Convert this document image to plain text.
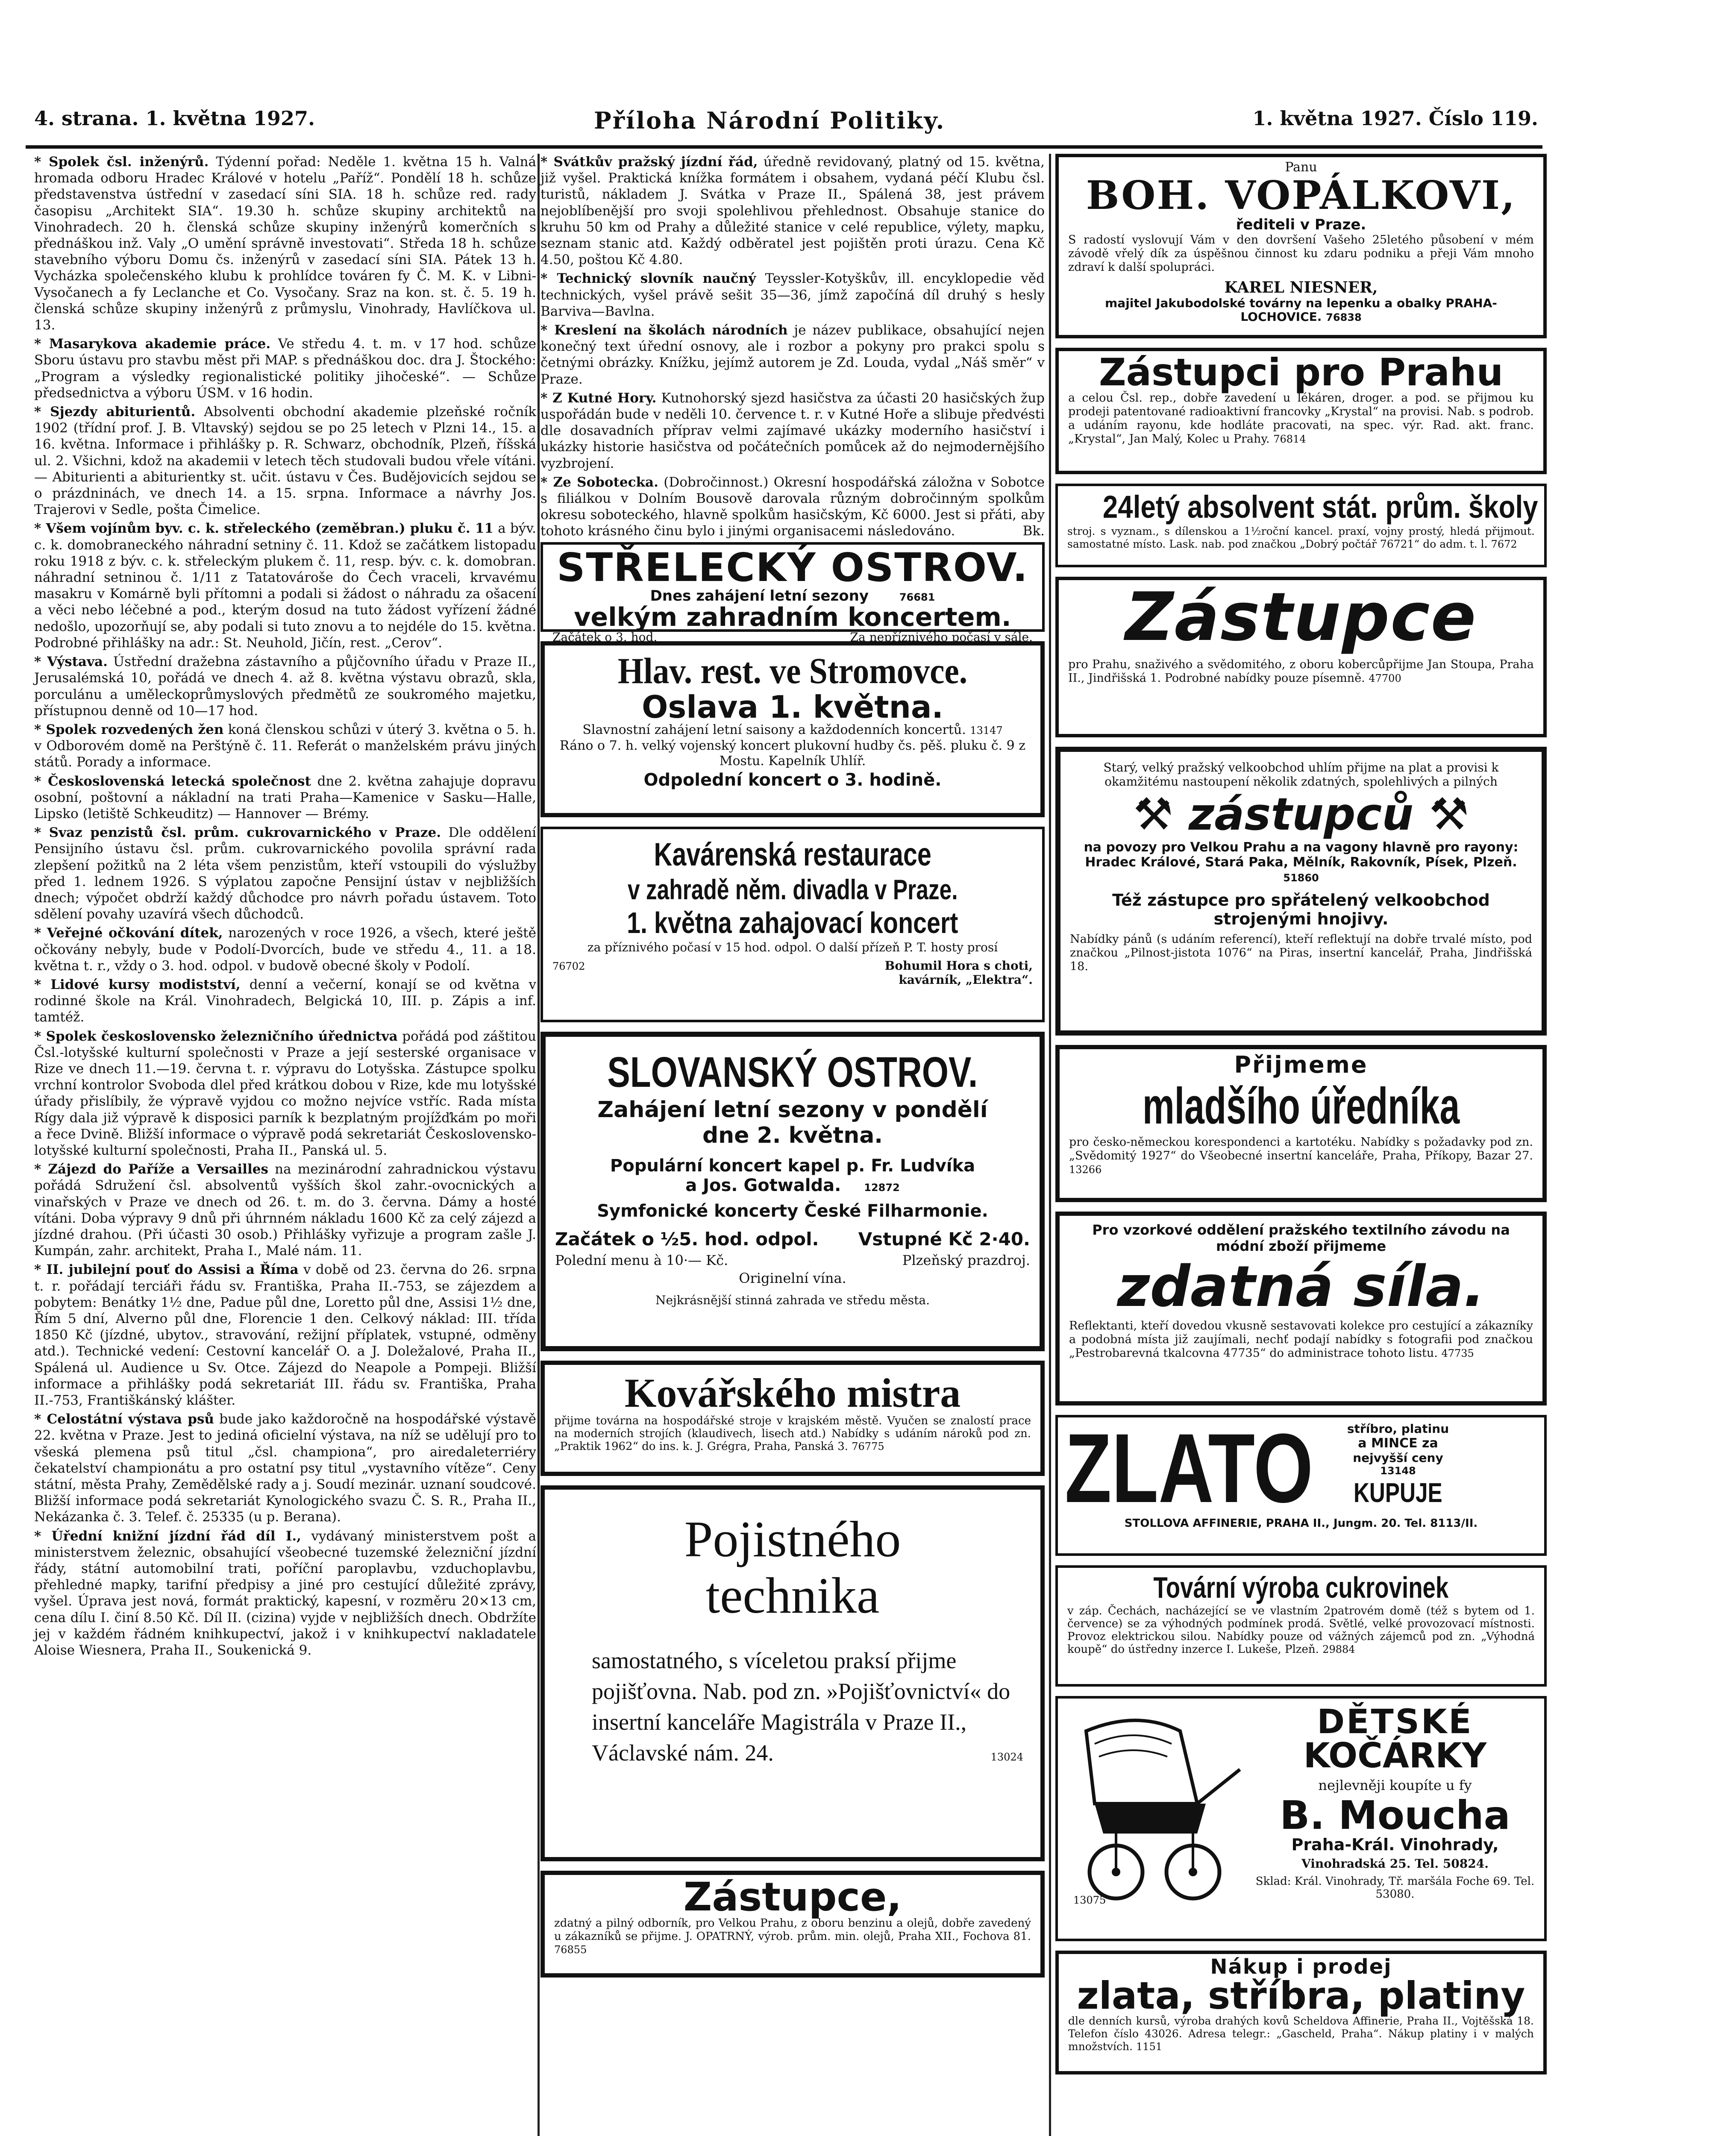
4. strana. 1. května 1927.	Příloha Národní Politiky.	1. května 1927. Číslo 119.

* Spolek čsl. inženýrů. Týdenní pořad: Neděle 1. května 15 h. Valná hromada odboru Hradec Králové v hotelu „Paříž“. Pondělí 18 h. schůze představenstva ústřední v zasedací síni SIA. 18 h. schůze red. rady časopisu „Architekt SIA“. 19.30 h. schůze skupiny architektů na Vinohradech. 20 h. členská schůze skupiny inženýrů komerčních s přednáškou inž. Valy „O umění správně investovati“. Středa 18 h. schůze stavebního výboru Domu čs. inženýrů v zasedací síni SIA. Pátek 13 h. Vycházka společenského klubu k prohlídce továren fy Č. M. K. v Libni-Vysočanech a fy Leclanche et Co. Vysočany. Sraz na kon. st. č. 5. 19 h. členská schůze skupiny inženýrů z průmyslu, Vinohrady, Havlíčkova ul. 13.

* Masarykova akademie práce. Ve středu 4. t. m. v 17 hod. schůze Sboru ústavu pro stavbu měst při MAP. s přednáškou doc. dra J. Štockého: „Program a výsledky regionalistické politiky jihočeské“. — Schůze předsednictva a výboru ÚSM. v 16 hodin.

* Sjezdy abiturientů. Absolventi obchodní akademie plzeňské ročník 1902 (třídní prof. J. B. Vltavský) sejdou se po 25 letech v Plzni 14., 15. a 16. května. Informace i přihlášky p. R. Schwarz, obchodník, Plzeň, říšská ul. 2. Všichni, kdož na akademii v letech těch studovali budou vřele vítáni. — Abiturienti a abiturientky st. učit. ústavu v Čes. Budějovicích sejdou se o prázdninách, ve dnech 14. a 15. srpna. Informace a návrhy Jos. Trajerovi v Sedle, pošta Čimelice.

* Všem vojínům byv. c. k. střeleckého (zeměbran.) pluku č. 11 a býv. c. k. domobraneckého náhradní setniny č. 11. Kdož se začátkem listopadu roku 1918 z býv. c. k. střeleckým plukem č. 11, resp. býv. c. k. domobran. náhradní setninou č. 1/11 z Tatatovároše do Čech vraceli, krvavému masakru v Komárně byli přítomni a podali si žádost o náhradu za ošacení a věci nebo léčebné a pod., kterým dosud na tuto žádost vyřízení žádné nedošlo, upozorňují se, aby podali si tuto znovu a to nejdéle do 15. května. Podrobné přihlášky na adr.: St. Neuhold, Jičín, rest. „Cerov“.

* Výstava. Ústřední dražebna zástavního a půjčovního úřadu v Praze II., Jerusalémská 10, pořádá ve dnech 4. až 8. května výstavu obrazů, skla, porculánu a uměleckoprůmyslových předmětů ze soukromého majetku, přístupnou denně od 10—17 hod.

* Spolek rozvedených žen koná členskou schůzi v úterý 3. května o 5. h. v Odborovém domě na Perštýně č. 11. Referát o manželském právu jiných států. Porady a informace.

* Československá letecká společnost dne 2. května zahajuje dopravu osobní, poštovní a nákladní na trati Praha—Kamenice v Sasku—Halle, Lipsko (letiště Schkeuditz) — Hannover — Brémy.

* Svaz penzistů čsl. prům. cukrovarnického v Praze. Dle oddělení Pensijního ústavu čsl. prům. cukrovarnického povolila správní rada zlepšení požitků na 2 léta všem penzistům, kteří vstoupili do výslužby před 1. lednem 1926. S výplatou započne Pensijní ústav v nejbližších dnech; výpočet obdrží každý důchodce pro návrh pořadu ústavem. Toto sdělení povahy uzavírá všech důchodců.

* Veřejné očkování dítek, narozených v roce 1926, a všech, které ještě očkovány nebyly, bude v Podolí-Dvorcích, bude ve středu 4., 11. a 18. května t. r., vždy o 3. hod. odpol. v budově obecné školy v Podolí.

* Lidové kursy modistství, denní a večerní, konají se od května v rodinné škole na Král. Vinohradech, Belgická 10, III. p. Zápis a inf. tamtéž.

* Spolek československo železničního úřednictva pořádá pod záštitou Čsl.-lotyšské kulturní společnosti v Praze a její sesterské organisace v Rize ve dnech 11.—19. června t. r. výpravu do Lotyšska. Zástupce spolku vrchní kontrolor Svoboda dlel před krátkou dobou v Rize, kde mu lotyšské úřady přislíbily, že výpravě vyjdou co možno nejvíce vstříc. Rada místa Rígy dala již výpravě k disposici parník k bezplatným projížďkám po moři a řece Dvině. Bližší informace o výpravě podá sekretariát Československo-lotyšské kulturní společnosti, Praha II., Panská ul. 5.

* Zájezd do Paříže a Versailles na mezinárodní zahradnickou výstavu pořádá Sdružení čsl. absolventů vyšších škol zahr.-ovocnických a vinařských v Praze ve dnech od 26. t. m. do 3. června. Dámy a hosté vítáni. Doba výpravy 9 dnů při úhrnném nákladu 1600 Kč za celý zájezd a jízdné drahou. (Při účasti 30 osob.) Přihlášky vyřizuje a program zašle J. Kumpán, zahr. architekt, Praha I., Malé nám. 11.

* II. jubilejní pouť do Assisi a Říma v době od 23. června do 26. srpna t. r. pořádají terciáři řádu sv. Františka, Praha II.-753, se zájezdem a pobytem: Benátky 1½ dne, Padue půl dne, Loretto půl dne, Assisi 1½ dne, Řím 5 dní, Alverno půl dne, Florencie 1 den. Celkový náklad: III. třída 1850 Kč (jízdné, ubytov., stravování, režijní příplatek, vstupné, odměny atd.). Technické vedení: Cestovní kancelář O. a J. Doležalové, Praha II., Spálená ul. Audience u Sv. Otce. Zájezd do Neapole a Pompeji. Bližší informace a přihlášky podá sekretariát III. řádu sv. Františka, Praha II.-753, Františkánský klášter.

* Celostátní výstava psů bude jako každoročně na hospodářské výstavě 22. května v Praze. Jest to jediná oficielní výstava, na níž se udělují pro to všeská plemena psů titul „čsl. championa“, pro airedaleterriéry čekatelství championátu a pro ostatní psy titul „vystavního vítěze“. Ceny státní, města Prahy, Zemědělské rady a j. Soudí mezinár. uznaní soudcové. Bližší informace podá sekretariát Kynologického svazu Č. S. R., Praha II., Nekázanka č. 3. Telef. č. 25335 (u p. Berana).

* Úřední knižní jízdní řád díl I., vydávaný ministerstvem pošt a ministerstvem železnic, obsahující všeobecné tuzemské železniční jízdní řády, státní automobilní trati, poříční paroplavbu, vzduchoplavbu, přehledné mapky, tarifní předpisy a jiné pro cestující důležité zprávy, vyšel. Úprava jest nová, formát praktický, kapesní, v rozměru 20×13 cm, cena dílu I. činí 8.50 Kč. Díl II. (cizina) vyjde v nejbližších dnech. Obdržíte jej v každém řádném knihkupectví, jakož i v knihkupectví nakladatele Aloise Wiesnera, Praha II., Soukenická 9.

* Svátkův pražský jízdní řád, úředně revidovaný, platný od 15. května, již vyšel. Praktická knížka formátem i obsahem, vydaná péčí Klubu čsl. turistů, nákladem J. Svátka v Praze II., Spálená 38, jest právem nejoblíbenější pro svoji spolehlivou přehlednost. Obsahuje stanice do kruhu 50 km od Prahy a důležité stanice v celé republice, výlety, mapku, seznam stanic atd. Každý odběratel jest pojištěn proti úrazu. Cena Kč 4.50, poštou Kč 4.80.

* Technický slovník naučný Teyssler-Kotyškův, ill. encyklopedie věd technických, vyšel právě sešit 35—36, jímž započíná díl druhý s hesly Barviva—Bavlna.

* Kreslení na školách národních je název publikace, obsahující nejen konečný text úřední osnovy, ale i rozbor a pokyny pro prakci spolu s četnými obrázky. Knížku, jejímž autorem je Zd. Louda, vydal „Náš směr“ v Praze.

* Z Kutné Hory. Kutnohorský sjezd hasičstva za účasti 20 hasičských žup uspořádán bude v neděli 10. července t. r. v Kutné Hoře a slibuje předvésti dle dosavadních příprav velmi zajímavé ukázky moderního hasičství i ukázky historie hasičstva od počátečních pomůcek až do nejmodernějšího vyzbrojení.

* Ze Sobotecka. (Dobročinnost.) Okresní hospodářská záložna v Sobotce s filiálkou v Dolním Bousově darovala různým dobročinným spolkům okresu soboteckého, hlavně spolkům hasičským, Kč 6000. Jest si přáti, aby tohoto krásného činu bylo i jinými organisacemi následováno.	Bk.

STŘELECKÝ OSTROV.
Dnes zahájení letní sezony	76681
velkým zahradním koncertem.
Začátek o 3. hod.	Za nepříznivého počasí v sále.
Hlav. rest. ve Stromovce.
Oslava 1. května.
Slavnostní zahájení letní saisony a každodenních koncertů. 13147
Ráno o 7. h. velký vojenský koncert plukovní hudby čs. pěš. pluku č. 9 z Mostu. Kapelník Uhlíř.
Odpolední koncert o 3. hodině.
Kavárenská restaurace v zahradě něm. divadla v Praze. 1. května zahajovací koncert
za příznivého počasí v 15 hod. odpol. O další přízeň P. T. hosty prosí
76702	Bohumil Hora s choti,
kavárník, „Elektra“.
SLOVANSKÝ OSTROV.
Zahájení letní sezony v pondělí
dne 2. května.
Populární koncert kapel p. Fr. Ludvíka
a Jos. Gotwalda. 12872
Symfonické koncerty České Filharmonie.
Začátek o ½5. hod. odpol. Vstupné Kč 2·40.
Polední menu à 10·— Kč.	Plzeňský prazdroj.
Originelní vína.
Nejkrásnější stinná zahrada ve středu města.
Kovářského mistra
přijme továrna na hospodářské stroje v krajském městě. Vyučen se znalostí prace na moderních strojích (klaudivech, lisech atd.) Nabídky s udáním nároků pod zn. „Praktik 1962“ do ins. k. J. Grégra, Praha, Panská 3. 76775
Pojistného
technika
samostatného, s víceletou praksí přijme pojišťovna. Nab. pod zn. »Pojišťovnictví« do insertní kanceláře Magistrála v Praze II., Václavské nám. 24.	13024
Zástupce,
zdatný a pilný odborník, pro Velkou Prahu, z oboru benzinu a olejů, dobře zavedený u zákazníků se přijme. J. OPATRNÝ, výrob. prům. min. olejů, Praha XII., Fochova 81. 76855
Panu
BOH. VOPÁLKOVI,
řediteli v Praze.
S radostí vyslovují Vám v den dovršení Vašeho 25letého působení v mém závodě vřelý dík za úspěšnou činnost ku zdaru podniku a přeji Vám mnoho zdraví k další spolupráci.
KAREL NIESNER,
majitel Jakubodolské továrny na lepenku a obalky PRAHA-LOCHOVICE. 76838
Zástupci pro Prahu
a celou Čsl. rep., dobře zavedení u lékáren, droger. a pod. se přijmou ku prodeji patentované radioaktivní francovky „Krystal“ na provisi. Nab. s podrob. a udáním rayonu, kde hodláte pracovati, na spec. výr. Rad. akt. franc. „Krystal“, Jan Malý, Kolec u Prahy. 76814
24letý absolvent stát. prům. školy
stroj. s vyznam., s dílenskou a 1½roční kancel. praxí, vojny prostý, hledá přijmout. samostatné místo. Lask. nab. pod značkou „Dobrý počtář 76721“ do adm. t. l. 7672
Zástupce
pro Prahu, snaživého a svědomitého, z oboru kobercůpřijme Jan Stoupa, Praha II., Jindřišská 1. Podrobné nabídky pouze písemně. 47700
Starý, velký pražský velkoobchod uhlím přijme na plat a provisi k okamžitému nastoupení několik zdatných, spolehlivých a pilných
⚒ zástupců ⚒
na povozy pro Velkou Prahu a na vagony hlavně pro rayony: Hradec Králové, Stará Paka, Mělník, Rakovník, Písek, Plzeň. 51860
Též zástupce pro spřátelený velkoobchod strojenými hnojivy.
Nabídky pánů (s udáním referencí), kteří reflektují na dobře trvalé místo, pod značkou „Pilnost-jistota 1076“ na Piras, insertní kancelář, Praha, Jindřišská 18.
Přijmeme
mladšího úředníka
pro česko-německou korespondenci a kartotéku. Nabídky s požadavky pod zn. „Svědomitý 1927“ do Všeobecné insertní kanceláře, Praha, Příkopy, Bazar 27. 13266
Pro vzorkové oddělení pražského textilního závodu na módní zboží přijmeme
zdatná síla.
Reflektanti, kteří dovedou vkusně sestavovati kolekce pro cestující a zákazníky a podobná místa již zaujímali, nechť podají nabídky s fotografii pod značkou „Pestrobarevná tkalcovna 47735“ do administrace tohoto listu. 47735
ZLATO	stříbro, platinu
a MINCE za
nejvyšší ceny
13148
KUPUJE
STOLLOVA AFFINERIE, PRAHA II., Jungm. 20. Tel. 8113/II.
Tovární výroba cukrovinek
v záp. Čechách, nacházející se ve vlastním 2patrovém domě (též s bytem od 1. července) se za výhodných podmínek prodá. Světlé, velké provozovací místnosti. Provoz elektrickou silou. Nabídky pouze od vážných zájemců pod zn. „Výhodná koupě“ do ústředny inzerce I. Lukeše, Plzeň. 29884
13075
DĚTSKÉ
KOČÁRKY
nejlevněji koupíte u fy
B. Moucha
Praha-Král. Vinohrady,
Vinohradská 25. Tel. 50824.
Sklad: Král. Vinohrady, Tř. maršála Foche 69. Tel. 53080.
Nákup i prodej
zlata, stříbra, platiny
dle denních kursů, výroba drahých kovů Scheldova Affinerie, Praha II., Vojtěšská 18. Telefon číslo 43026. Adresa telegr.: „Gascheld, Praha“. Nákup platiny i v malých množstvích. 1151
